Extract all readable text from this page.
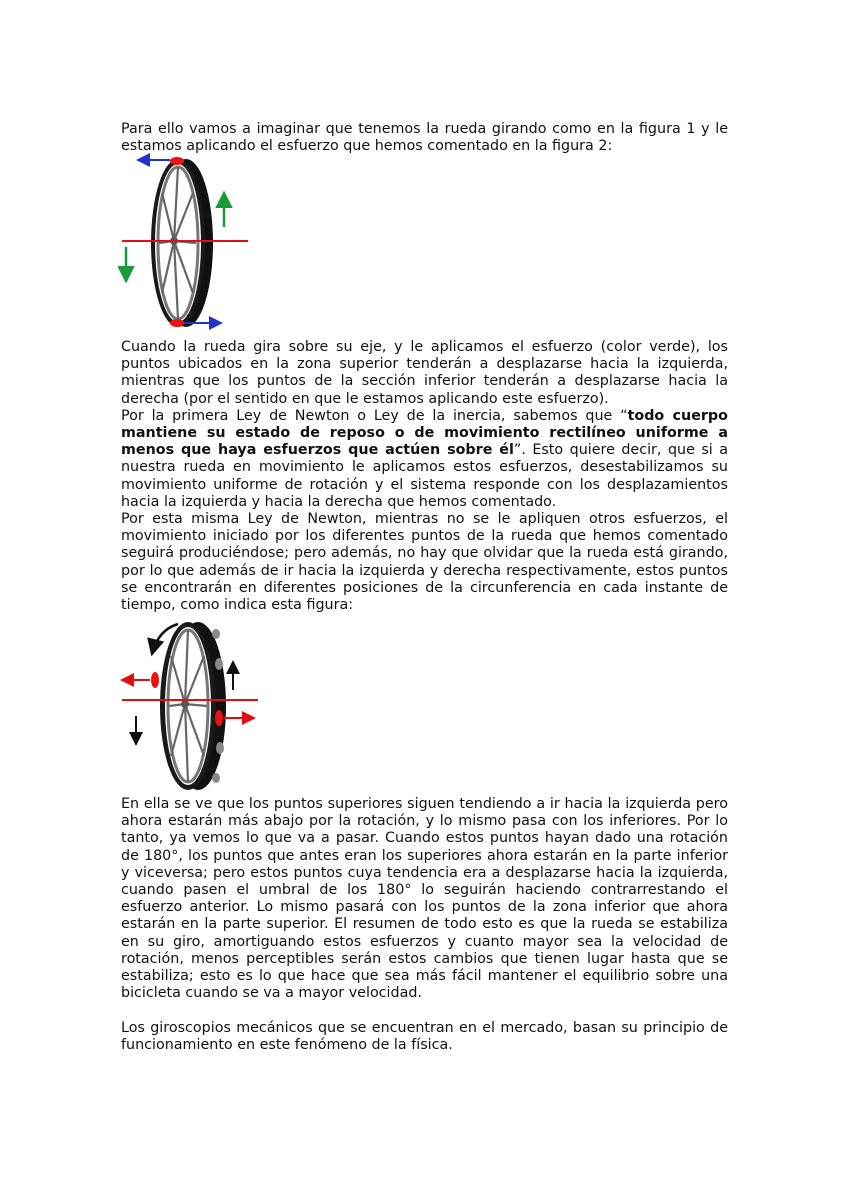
Para ello vamos a imaginar que tenemos la rueda girando como en la figura 1 y le estamos aplicando el esfuerzo que hemos comentado en la figura 2:

Cuando la rueda gira sobre su eje, y le aplicamos el esfuerzo (color verde), los puntos ubicados en la zona superior tenderán a desplazarse hacia la izquierda, mientras que los puntos de la sección inferior tenderán a desplazarse hacia la derecha (por el sentido en que le estamos aplicando este esfuerzo).
Por la primera Ley de Newton o Ley de la inercia, sabemos que “todo cuerpo mantiene su estado de reposo o de movimiento rectilíneo uniforme a menos que haya esfuerzos que actúen sobre él”. Esto quiere decir, que si a nuestra rueda en movimiento le aplicamos estos esfuerzos, desestabilizamos su movimiento uniforme de rotación y el sistema responde con los desplazamientos hacia la izquierda y hacia la derecha que hemos comentado.
Por esta misma Ley de Newton, mientras no se le apliquen otros esfuerzos, el movimiento iniciado por los diferentes puntos de la rueda que hemos comentado seguirá produciéndose; pero además, no hay que olvidar que la rueda está girando, por lo que además de ir hacia la izquierda y derecha respectivamente, estos puntos se encontrarán en diferentes posiciones de la circunferencia en cada instante de tiempo, como indica esta figura:

En ella se ve que los puntos superiores siguen tendiendo a ir hacia la izquierda pero ahora estarán más abajo por la rotación, y lo mismo pasa con los inferiores. Por lo tanto, ya vemos lo que va a pasar. Cuando estos puntos hayan dado una rotación de 180°, los puntos que antes eran los superiores ahora estarán en la parte inferior y viceversa; pero estos puntos cuya tendencia era a desplazarse hacia la izquierda, cuando pasen el umbral de los 180° lo seguirán haciendo contrarrestando el esfuerzo anterior. Lo mismo pasará con los puntos de la zona inferior que ahora estarán en la parte superior. El resumen de todo esto es que la rueda se estabiliza en su giro, amortiguando estos esfuerzos y cuanto mayor sea la velocidad de rotación, menos perceptibles serán estos cambios que tienen lugar hasta que se estabiliza; esto es lo que hace que sea más fácil mantener el equilibrio sobre una bicicleta cuando se va a mayor velocidad.

Los giroscopios mecánicos que se encuentran en el mercado, basan su principio de funcionamiento en este fenómeno de la física.
